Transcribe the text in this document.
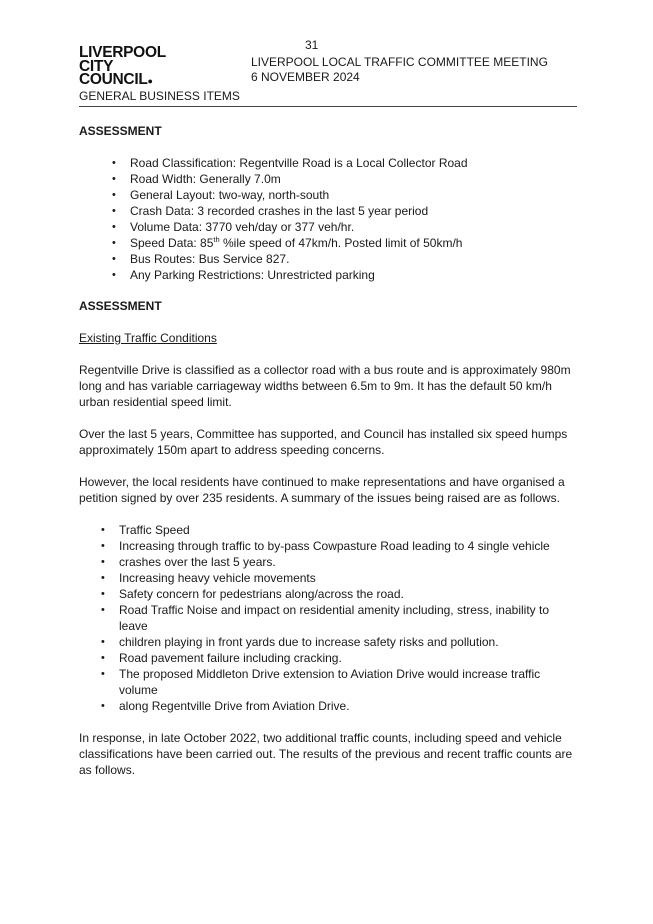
31
LIVERPOOL
CITY
COUNCIL●
LIVERPOOL LOCAL TRAFFIC COMMITTEE MEETING
6 NOVEMBER 2024
GENERAL BUSINESS ITEMS
ASSESSMENT
• Road Classification: Regentville Road is a Local Collector Road
• Road Width: Generally 7.0m
• General Layout: two-way, north-south
• Crash Data: 3 recorded crashes in the last 5 year period
• Volume Data: 3770 veh/day or 377 veh/hr.
• Speed Data: 85th %ile speed of 47km/h. Posted limit of 50km/h
• Bus Routes: Bus Service 827.
• Any Parking Restrictions: Unrestricted parking
ASSESSMENT

Existing Traffic Conditions

Regentville Drive is classified as a collector road with a bus route and is approximately 980m long and has variable carriageway widths between 6.5m to 9m. It has the default 50 km/h urban residential speed limit.

Over the last 5 years, Committee has supported, and Council has installed six speed humps approximately 150m apart to address speeding concerns.

However, the local residents have continued to make representations and have organised a petition signed by over 235 residents. A summary of the issues being raised are as follows.

• Traffic Speed
• Increasing through traffic to by-pass Cowpasture Road leading to 4 single vehicle
• crashes over the last 5 years.
• Increasing heavy vehicle movements
• Safety concern for pedestrians along/across the road.
• Road Traffic Noise and impact on residential amenity including, stress, inability to leave
• children playing in front yards due to increase safety risks and pollution.
• Road pavement failure including cracking.
• The proposed Middleton Drive extension to Aviation Drive would increase traffic volume
• along Regentville Drive from Aviation Drive.

In response, in late October 2022, two additional traffic counts, including speed and vehicle classifications have been carried out. The results of the previous and recent traffic counts are as follows.
